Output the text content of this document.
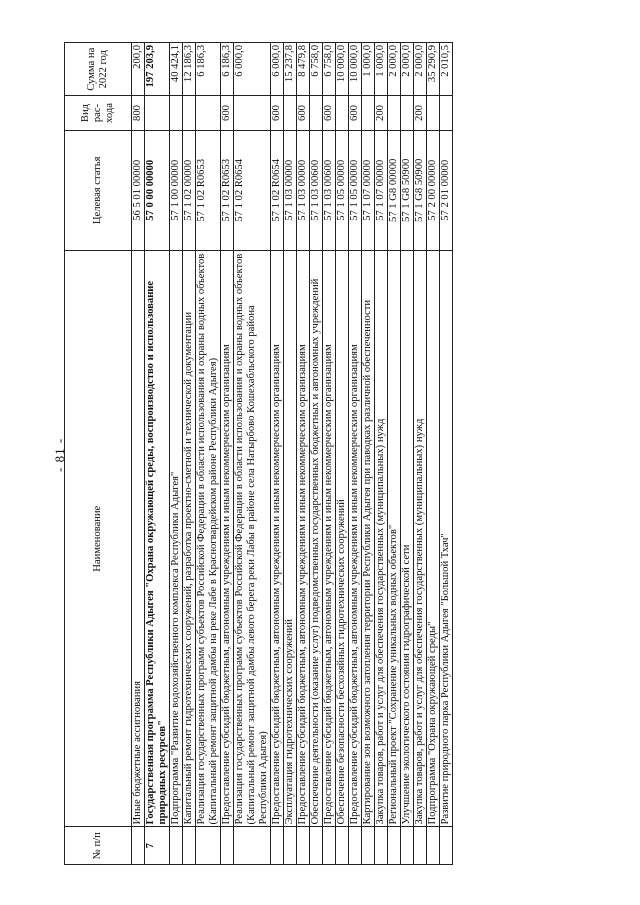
- 81 -
№ п/п	Наименование	Целевая статья	Вид рас-хода	Сумма на 2022 год
	Иные бюджетные ассигнования	56 5 01 00000	800	200,0
7	Государственная программа Республики Адыгея "Охрана окружающей среды, воспроизводство и использование природных ресурсов"	57 0 00 00000		197 203,9
	Подпрограмма "Развитие водохозяйственного комплекса Республики Адыгея"	57 1 00 00000		40 424,1
	Капитальный ремонт гидротехнических сооружений, разработка проектно-сметной и технической документации	57 1 02 00000		12 186,3
	Реализация государственных программ субъектов Российской Федерации в области использования и охраны водных объектов (Капитальный ремонт защитной дамбы на реке Лабе в Красногвардейском районе Республики Адыгея)	57 1 02 R0653		6 186,3
	Предоставление субсидий бюджетным, автономным учреждениям и иным некоммерческим организациям	57 1 02 R0653	600	6 186,3
	Реализация государственных программ субъектов Российской Федерации в области использования и охраны водных объектов (Капитальный ремонт защитной дамбы левого берега реки Лабы в районе села Натырбово Кошехабльского района Республики Адыгея)	57 1 02 R0654		6 000,0
	Предоставление субсидий бюджетным, автономным учреждениям и иным некоммерческим организациям	57 1 02 R0654	600	6 000,0
	Эксплуатация гидротехнических сооружений	57 1 03 00000		15 237,8
	Предоставление субсидий бюджетным, автономным учреждениям и иным некоммерческим организациям	57 1 03 00000	600	8 479,8
	Обеспечение деятельности (оказание услуг) подведомственных государственных бюджетных и автономных учреждений	57 1 03 00600		6 758,0
	Предоставление субсидий бюджетным, автономным учреждениям и иным некоммерческим организациям	57 1 03 00600	600	6 758,0
	Обеспечение безопасности бесхозяйных гидротехнических сооружений	57 1 05 00000		10 000,0
	Предоставление субсидий бюджетным, автономным учреждениям и иным некоммерческим организациям	57 1 05 00000	600	10 000,0
	Картирование зон возможного затопления территории Республики Адыгея при паводках различной обеспеченности	57 1 07 00000		1 000,0
	Закупка товаров, работ и услуг для обеспечения государственных (муниципальных) нужд	57 1 07 00000	200	1 000,0
	Региональный проект "Сохранение уникальных водных объектов"	57 1 G8 00000		2 000,0
	Улучшение экологического состояния гидрографической сети	57 1 G8 50900		2 000,0
	Закупка товаров, работ и услуг для обеспечения государственных (муниципальных) нужд	57 1 G8 50900	200	2 000,0
	Подпрограмма "Охрана окружающей среды"	57 2 00 00000		35 290,9
	Развитие природного парка Республики Адыгея "Большой Тхач"	57 2 01 00000		2 010,5
